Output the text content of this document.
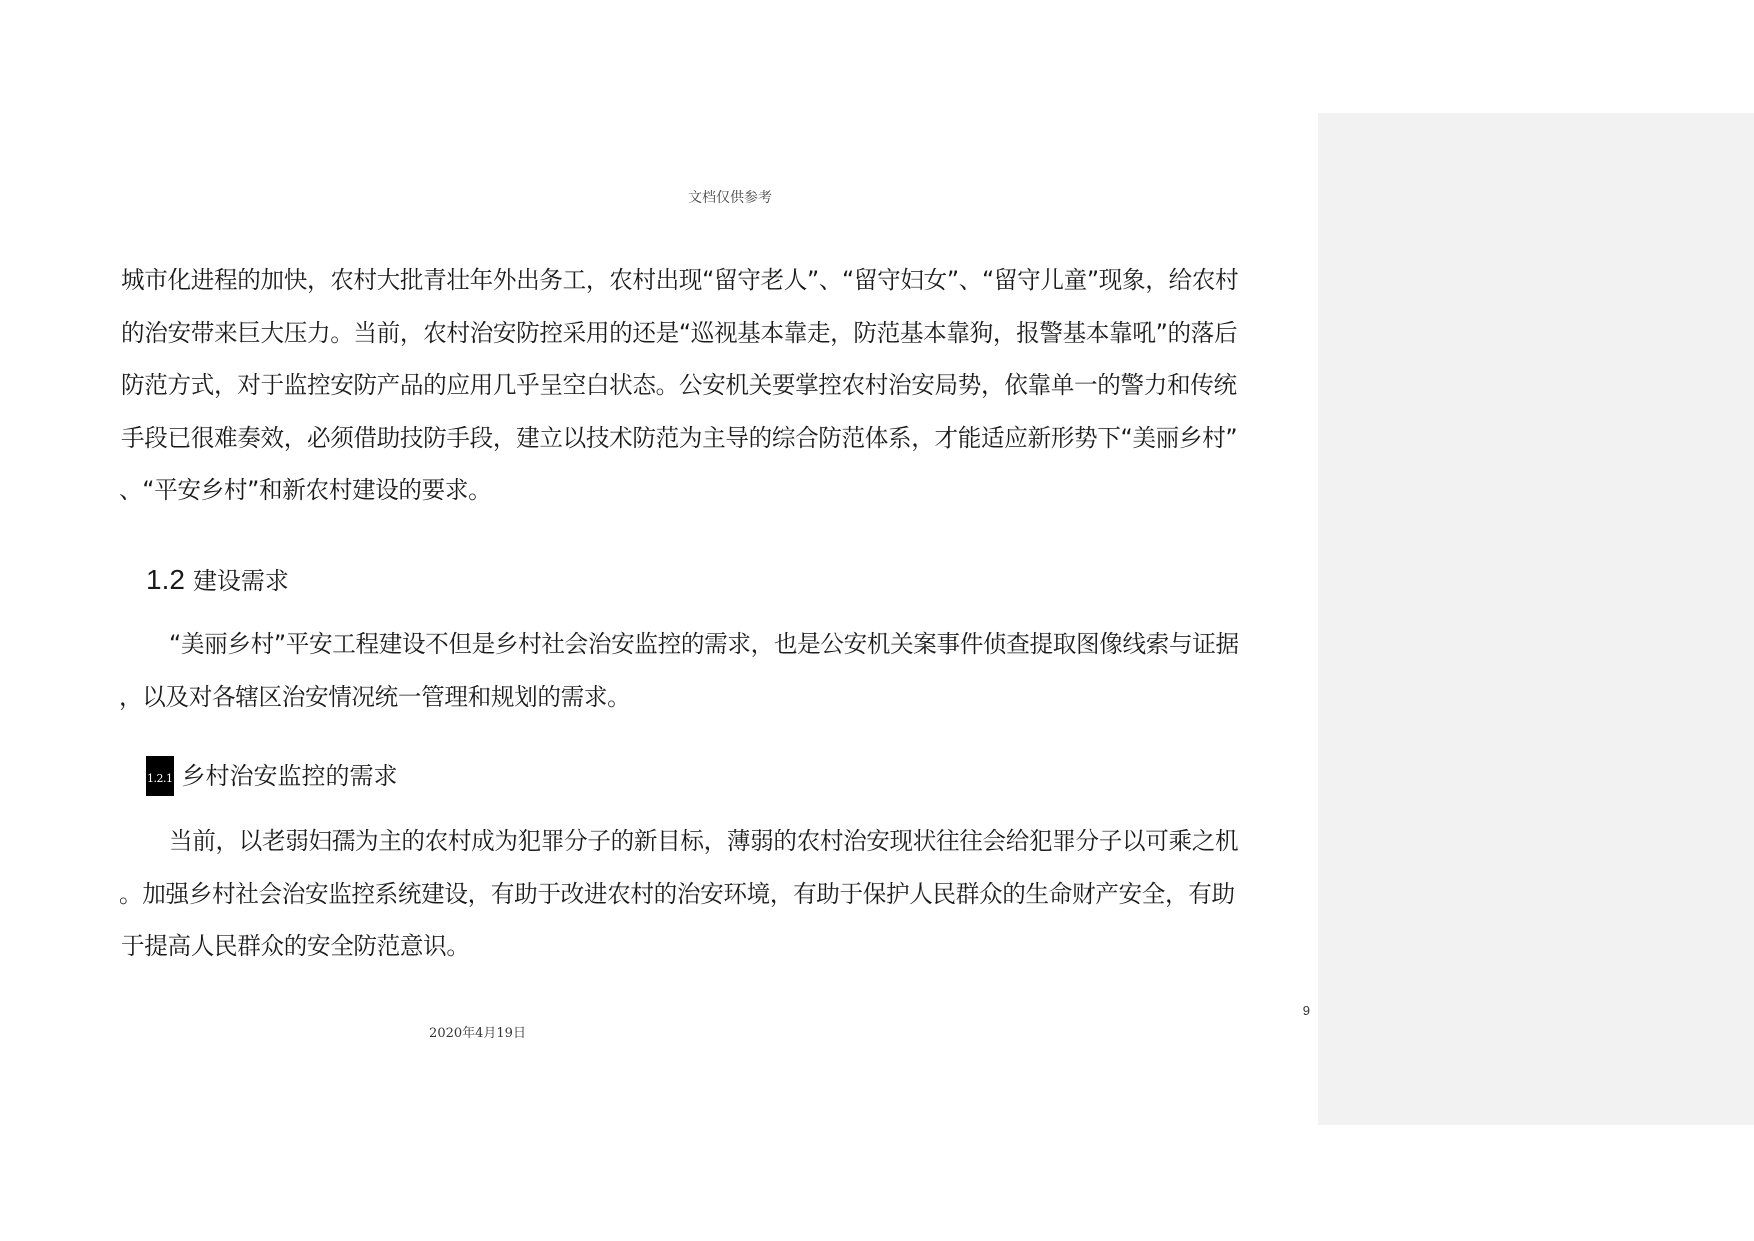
文档仅供参考
城市化进程的加快，农村大批青壮年外出务工，农村出现“留守老人”、“留守妇女”、“留守儿童”现象，给农村
的治安带来巨大压力。当前，农村治安防控采用的还是“巡视基本靠走，防范基本靠狗，报警基本靠吼”的落后
防范方式，对于监控安防产品的应用几乎呈空白状态。公安机关要掌控农村治安局势，依靠单一的警力和传统
手段已很难奏效，必须借助技防手段，建立以技术防范为主导的综合防范体系，才能适应新形势下“美丽乡村”
、“平安乡村”和新农村建设的要求。
1.2 建设需求
“美丽乡村”平安工程建设不但是乡村社会治安监控的需求，也是公安机关案事件侦查提取图像线索与证据
，以及对各辖区治安情况统一管理和规划的需求。
1.2.1 乡村治安监控的需求
当前，以老弱妇孺为主的农村成为犯罪分子的新目标，薄弱的农村治安现状往往会给犯罪分子以可乘之机
。加强乡村社会治安监控系统建设，有助于改进农村的治安环境，有助于保护人民群众的生命财产安全，有助
于提高人民群众的安全防范意识。
9
2020年4月19日
